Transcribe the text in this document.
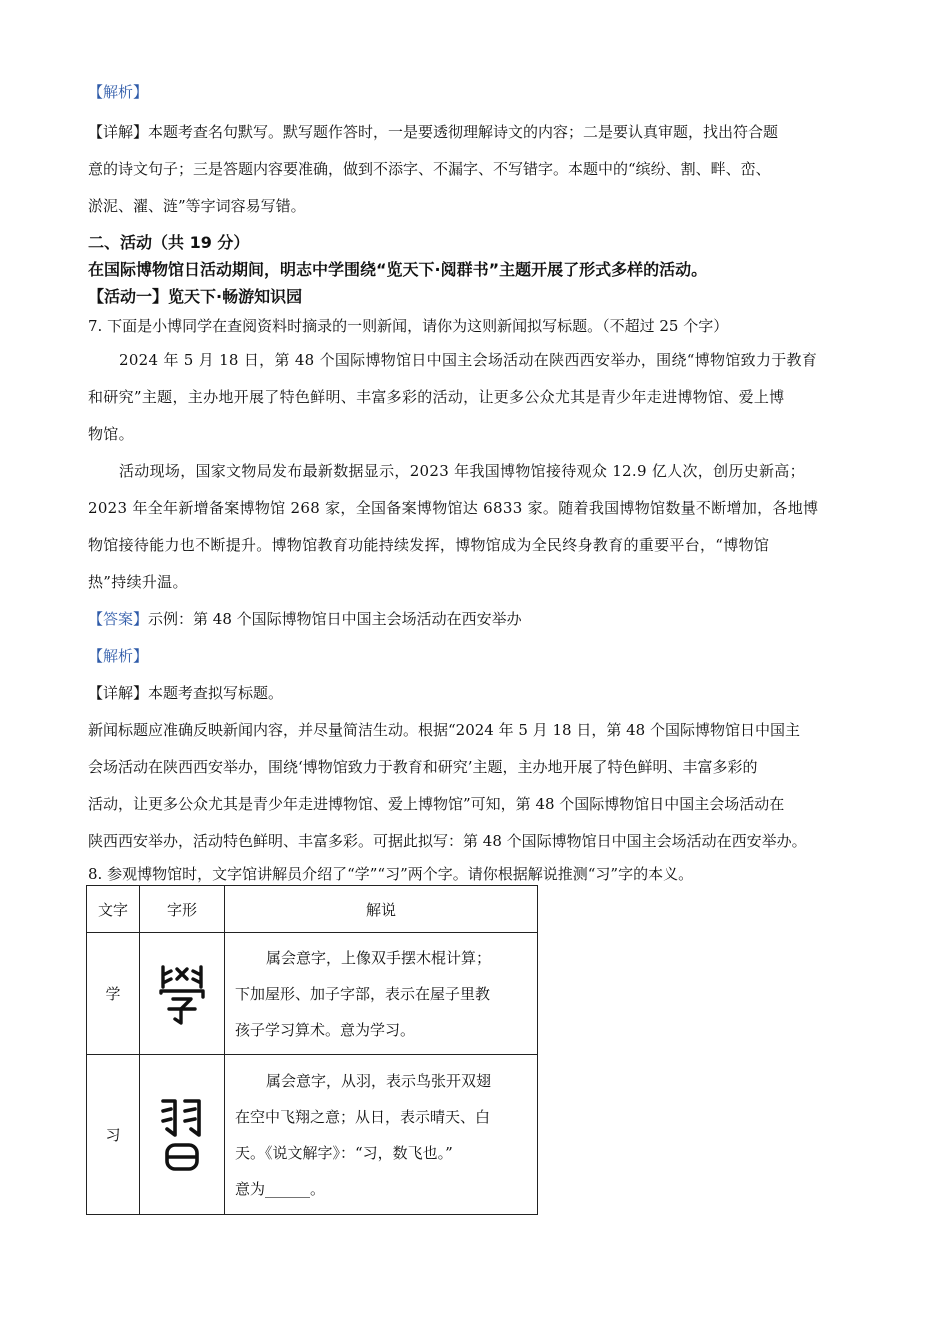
【解析】
【详解】本题考查名句默写。默写题作答时，一是要透彻理解诗文的内容；二是要认真审题，找出符合题
意的诗文句子；三是答题内容要准确，做到不添字、不漏字、不写错字。本题中的“缤纷、割、畔、峦、
淤泥、濯、涟”等字词容易写错。
二、活动（共 19 分）
在国际博物馆日活动期间，明志中学围绕“览天下·阅群书”主题开展了形式多样的活动。
【活动一】览天下·畅游知识园
7. 下面是小博同学在查阅资料时摘录的一则新闻，请你为这则新闻拟写标题。（不超过 25 个字）
2024 年 5 月 18 日，第 48 个国际博物馆日中国主会场活动在陕西西安举办，围绕“博物馆致力于教育
和研究”主题，主办地开展了特色鲜明、丰富多彩的活动，让更多公众尤其是青少年走进博物馆、爱上博
物馆。
活动现场，国家文物局发布最新数据显示，2023 年我国博物馆接待观众 12.9 亿人次，创历史新高；
2023 年全年新增备案博物馆 268 家，全国备案博物馆达 6833 家。随着我国博物馆数量不断增加，各地博
物馆接待能力也不断提升。博物馆教育功能持续发挥，博物馆成为全民终身教育的重要平台，“博物馆
热”持续升温。
【答案】示例：第 48 个国际博物馆日中国主会场活动在西安举办
【解析】
【详解】本题考查拟写标题。
新闻标题应准确反映新闻内容，并尽量简洁生动。根据“2024 年 5 月 18 日，第 48 个国际博物馆日中国主
会场活动在陕西西安举办，围绕‘博物馆致力于教育和研究’主题，主办地开展了特色鲜明、丰富多彩的
活动，让更多公众尤其是青少年走进博物馆、爱上博物馆”可知，第 48 个国际博物馆日中国主会场活动在
陕西西安举办，活动特色鲜明、丰富多彩。可据此拟写：第 48 个国际博物馆日中国主会场活动在西安举办。
8. 参观博物馆时，文字馆讲解员介绍了“学”“习”两个字。请你根据解说推测“习”字的本义。
文字	字形	解说
学		属会意字，上像双手摆木棍计算；
下加屋形、加子字部，表示在屋子里教
孩子学习算术。意为学习。

习		属会意字，从羽，表示鸟张开双翅
在空中飞翔之意；从日，表示晴天、白
天。《说文解字》：“习，数飞也。”
意为______。
